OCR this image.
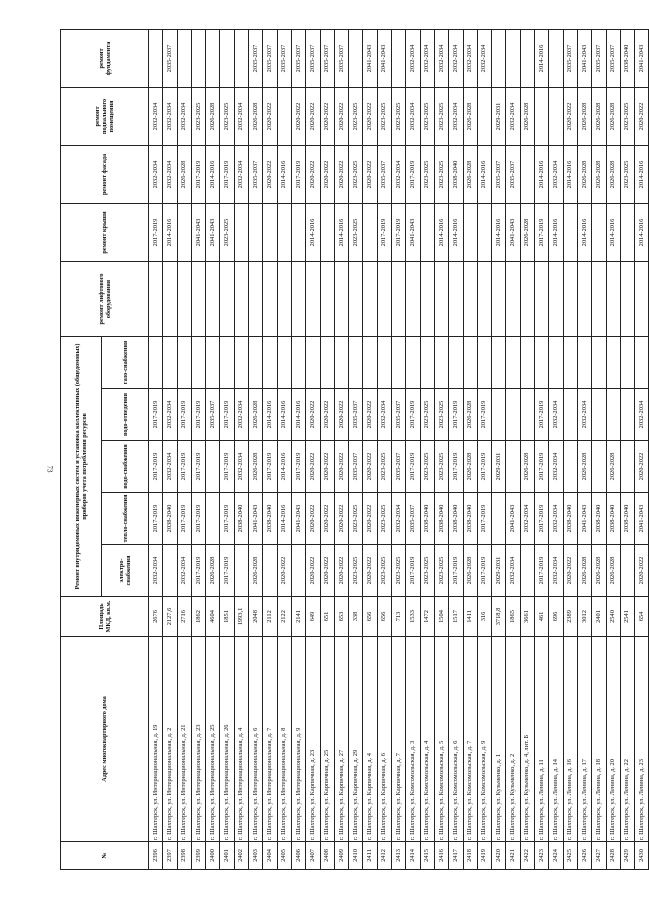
73
№	Адрес многоквартирного дома	Площадь МКД, кв.м.	Ремонт внутридомовых инженерных систем и установка коллективных (общедомовых) приборов учета потребления ресурсов					ремонт лифтового оборудования	ремонт крыши	ремонт фасада	ремонт подвального помещения	ремонт фундамента
			электро-снабжения	тепло-снабжения	водо-снабжения	водо-отведения	газо-снабжения					
2396	г. Шахтерск, ул. Интернациональная, д. 19	2676	2032-2034	2017-2019	2017-2019	2017-2019			2017-2019	2032-2034	2032-2034	
2397	г. Шахтерск, ул. Интернациональная, д. 2	2127,6		2038-2040	2032-2034	2032-2034			2014-2016	2032-2034	2032-2034	2035-2037
2398	г. Шахтерск, ул. Интернациональная, д. 21	2716	2032-2034	2017-2019	2017-2019	2017-2019				2026-2028	2032-2034	
2399	г. Шахтерск, ул. Интернациональная, д. 23	1862	2017-2019	2017-2019	2017-2019	2017-2019			2041-2043	2017-2019	2023-2025	
2400	г. Шахтерск, ул. Интернациональная, д. 25	4604	2026-2028			2035-2037			2041-2043	2014-2016	2026-2028	
2401	г. Шахтерск, ул. Интернациональная, д. 26	1851	2017-2019	2017-2019	2017-2019	2017-2019			2023-2025	2017-2019	2023-2025	
2402	г. Шахтерск, ул. Интернациональная, д. 4	1993,1		2038-2040	2032-2034	2032-2034				2032-2034	2032-2034	
2403	г. Шахтерск, ул. Интернациональная, д. 6	2048	2026-2028	2041-2043	2026-2028	2026-2028				2035-2037	2026-2028	2035-2037
2404	г. Шахтерск, ул. Интернациональная, д. 7	2112		2038-2040	2017-2019	2014-2016				2020-2022	2020-2022	2035-2037
2405	г. Шахтерск, ул. Интернациональная, д. 8	2122	2020-2022	2014-2016	2014-2016	2014-2016				2014-2016		2035-2037
2406	г. Шахтерск, ул. Интернациональная, д. 9	2141		2041-2043	2017-2019	2014-2016				2017-2019	2020-2022	2035-2037
2407	г. Шахтерск, ул. Карпичная, д. 23	649	2020-2022	2020-2022	2020-2022	2020-2022			2014-2016	2020-2022	2020-2022	2035-2037
2408	г. Шахтерск, ул. Карпичная, д. 25	651	2020-2022	2020-2022	2020-2022	2020-2022				2020-2022	2020-2022	2035-2037
2409	г. Шахтерск, ул. Карпичная, д. 27	653	2020-2022	2020-2022	2020-2022	2020-2022			2014-2016	2020-2022	2020-2022	2035-2037
2410	г. Шахтерск, ул. Карпичная, д. 29	338	2023-2025	2023-2025	2035-2037	2035-2037			2023-2025	2023-2025	2023-2025	
2411	г. Шахтерск, ул. Карпичная, д. 4	656	2020-2022	2020-2022	2020-2022	2020-2022				2020-2022	2020-2022	2041-2043
2412	г. Шахтерск, ул. Карпичная, д. 6	656	2023-2025	2023-2025	2023-2025	2032-2034			2017-2019	2035-2037	2023-2025	2041-2043
2413	г. Шахтерск, ул. Карпичная, д. 7	713	2023-2025	2032-2034	2035-2037	2035-2037			2017-2019	2032-2034	2023-2025	
2414	г. Шахтерск, ул. Комсомольская, д. 3	1533	2017-2019	2035-2037	2017-2019	2017-2019			2041-2043	2017-2019	2032-2034	2032-2034
2415	г. Шахтерск, ул. Комсомольская, д. 4	1472	2023-2025	2038-2040	2023-2025	2023-2025				2023-2025	2023-2025	2032-2034
2416	г. Шахтерск, ул. Комсомольская, д. 5	1504	2023-2025	2038-2040	2023-2025	2023-2025			2014-2016	2023-2025	2023-2025	2032-2034
2417	г. Шахтерск, ул. Комсомольская, д. 6	1517	2017-2019	2038-2040	2017-2019	2017-2019			2014-2016	2038-2040	2032-2034	2032-2034
2418	г. Шахтерск, ул. Комсомольская, д. 7	1411	2026-2028	2038-2040	2026-2028	2026-2028				2026-2028	2026-2028	2032-2034
2419	г. Шахтерск, ул. Комсомольская, д. 9	316	2017-2019	2017-2019	2017-2019	2017-2019				2014-2016		2032-2034
2420	г. Шахтерск, ул. Кузьменко, д. 1	3718,8	2029-2031		2029-2031				2014-2016	2035-2037	2029-2031	
2421	г. Шахтерск, ул. Кузьменко, д. 2	1865	2032-2034	2041-2043					2041-2043	2035-2037	2032-2034	
2422	г. Шахтерск, ул. Кузьменко, д. 4, лит. Б	3661		2032-2034	2026-2028				2026-2028		2026-2028	
2423	г. Шахтерск, ул. Ленина, д. 11	461	2017-2019	2017-2019	2017-2019	2017-2019			2017-2019	2014-2016		2014-2016
2424	г. Шахтерск, ул. Ленина, д. 14	696	2032-2034	2032-2034	2032-2034	2032-2034			2014-2016	2032-2034		
2425	г. Шахтерск, ул. Ленина, д. 16	2389	2020-2022	2038-2040						2014-2016	2020-2022	2035-2037
2426	г. Шахтерск, ул. Ленина, д. 17	3012	2026-2028	2041-2043	2026-2028	2032-2034			2014-2016	2026-2028	2026-2028	2041-2043
2427	г. Шахтерск, ул. Ленина, д. 18	2401	2026-2028	2038-2040						2026-2028	2026-2028	2035-2037
2428	г. Шахтерск, ул. Ленина, д. 20	2540	2026-2028	2038-2040	2026-2028				2014-2016	2026-2028	2026-2028	2035-2037
2429	г. Шахтерск, ул. Ленина, д. 22	2541		2038-2040						2023-2025	2023-2025	2038-2040
2430	г. Шахтерск, ул. Ленина, д. 23	654	2020-2022	2041-2043	2020-2022	2032-2034			2014-2016	2014-2016	2020-2022	2041-2043
